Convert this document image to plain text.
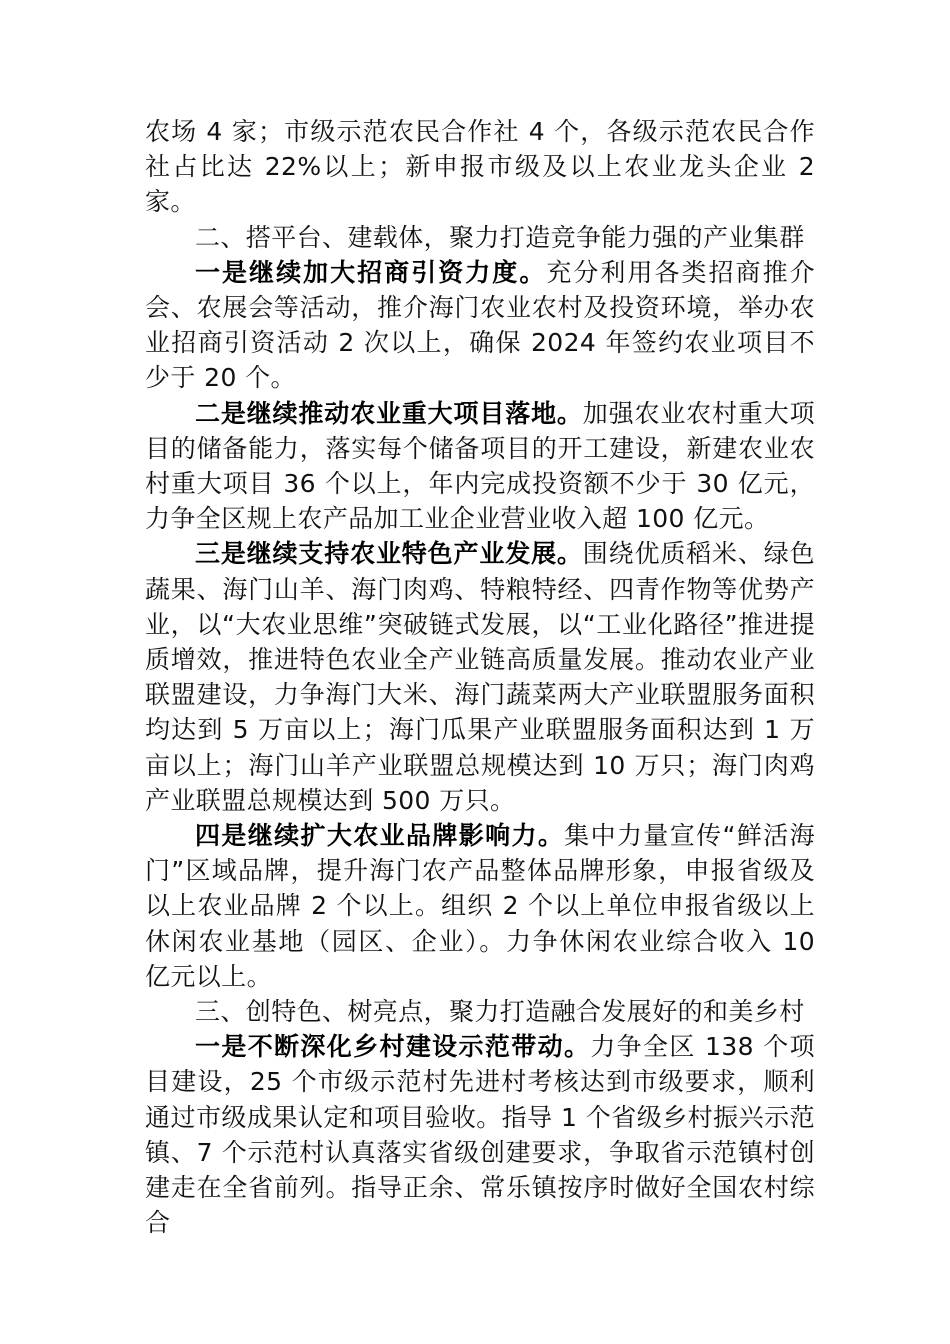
农场 4 家；市级示范农民合作社 4 个，各级示范农民合作社占比达 22%以上；新申报市级及以上农业龙头企业 2 家。

二、搭平台、建载体，聚力打造竞争能力强的产业集群

一是继续加大招商引资力度。充分利用各类招商推介会、农展会等活动，推介海门农业农村及投资环境，举办农业招商引资活动 2 次以上，确保 2024 年签约农业项目不少于 20 个。

二是继续推动农业重大项目落地。加强农业农村重大项目的储备能力，落实每个储备项目的开工建设，新建农业农村重大项目 36 个以上，年内完成投资额不少于 30 亿元，力争全区规上农产品加工业企业营业收入超 100 亿元。

三是继续支持农业特色产业发展。围绕优质稻米、绿色蔬果、海门山羊、海门肉鸡、特粮特经、四青作物等优势产业，以“大农业思维”突破链式发展，以“工业化路径”推进提质增效，推进特色农业全产业链高质量发展。推动农业产业联盟建设，力争海门大米、海门蔬菜两大产业联盟服务面积均达到 5 万亩以上；海门瓜果产业联盟服务面积达到 1 万亩以上；海门山羊产业联盟总规模达到 10 万只；海门肉鸡产业联盟总规模达到 500 万只。

四是继续扩大农业品牌影响力。集中力量宣传“鲜活海门”区域品牌，提升海门农产品整体品牌形象，申报省级及以上农业品牌 2 个以上。组织 2 个以上单位申报省级以上休闲农业基地（园区、企业）。力争休闲农业综合收入 10 亿元以上。

三、创特色、树亮点，聚力打造融合发展好的和美乡村

一是不断深化乡村建设示范带动。力争全区 138 个项目建设，25 个市级示范村先进村考核达到市级要求，顺利通过市级成果认定和项目验收。指导 1 个省级乡村振兴示范镇、7 个示范村认真落实省级创建要求，争取省示范镇村创建走在全省前列。指导正余、常乐镇按序时做好全国农村综合
